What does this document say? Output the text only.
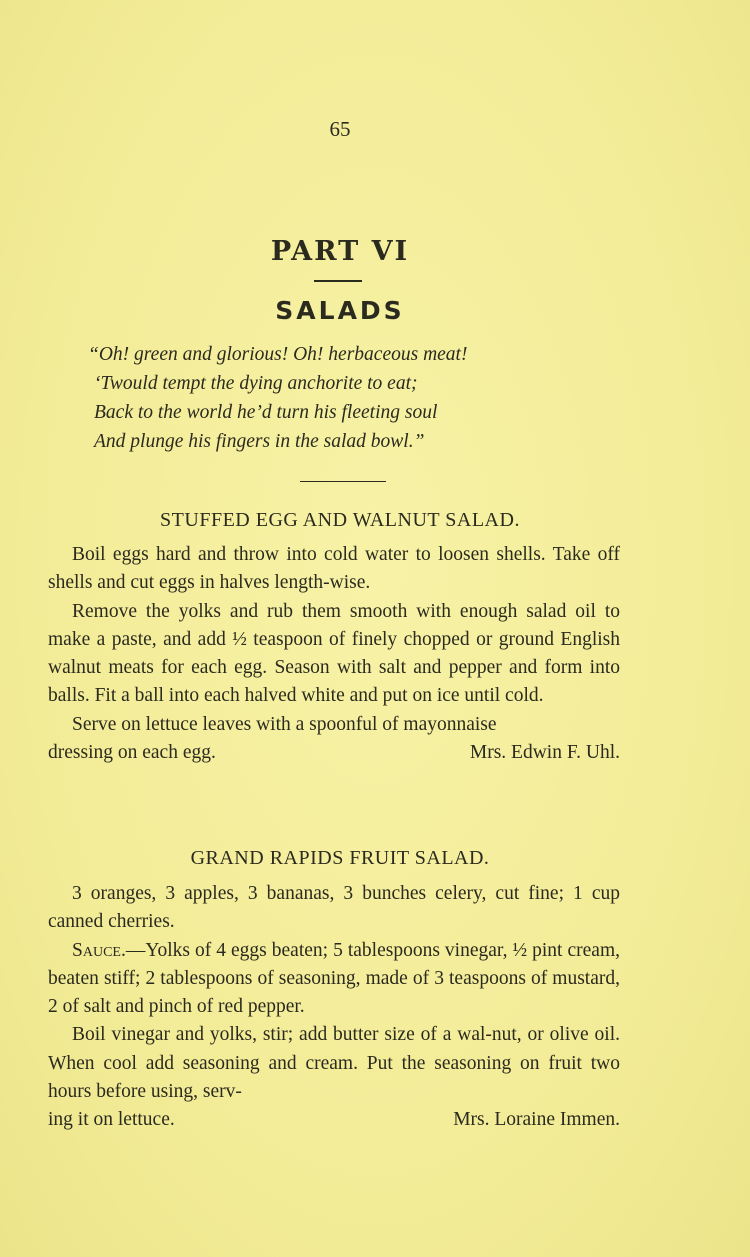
65
PART VI
SALADS
“Oh! green and glorious! Oh! herbaceous meat!
‘Twould tempt the dying anchorite to eat;
Back to the world he’d turn his fleeting soul
And plunge his fingers in the salad bowl.”
STUFFED EGG AND WALNUT SALAD.

Boil eggs hard and throw into cold water to loosen shells. Take off shells and cut eggs in halves length-wise.

Remove the yolks and rub them smooth with enough salad oil to make a paste, and add ½ teaspoon of finely chopped or ground English walnut meats for each egg. Season with salt and pepper and form into balls. Fit a ball into each halved white and put on ice until cold.

Serve on lettuce leaves with a spoonful of mayonnaise

dressing on each egg.	Mrs. Edwin F. Uhl.
GRAND RAPIDS FRUIT SALAD.

3 oranges, 3 apples, 3 bananas, 3 bunches celery, cut fine; 1 cup canned cherries.

Sauce.—Yolks of 4 eggs beaten; 5 tablespoons vinegar, ½ pint cream, beaten stiff; 2 tablespoons of seasoning, made of 3 teaspoons of mustard, 2 of salt and pinch of red pepper.

Boil vinegar and yolks, stir; add butter size of a wal-nut, or olive oil. When cool add seasoning and cream. Put the seasoning on fruit two hours before using, serv-

ing it on lettuce.	Mrs. Loraine Immen.
